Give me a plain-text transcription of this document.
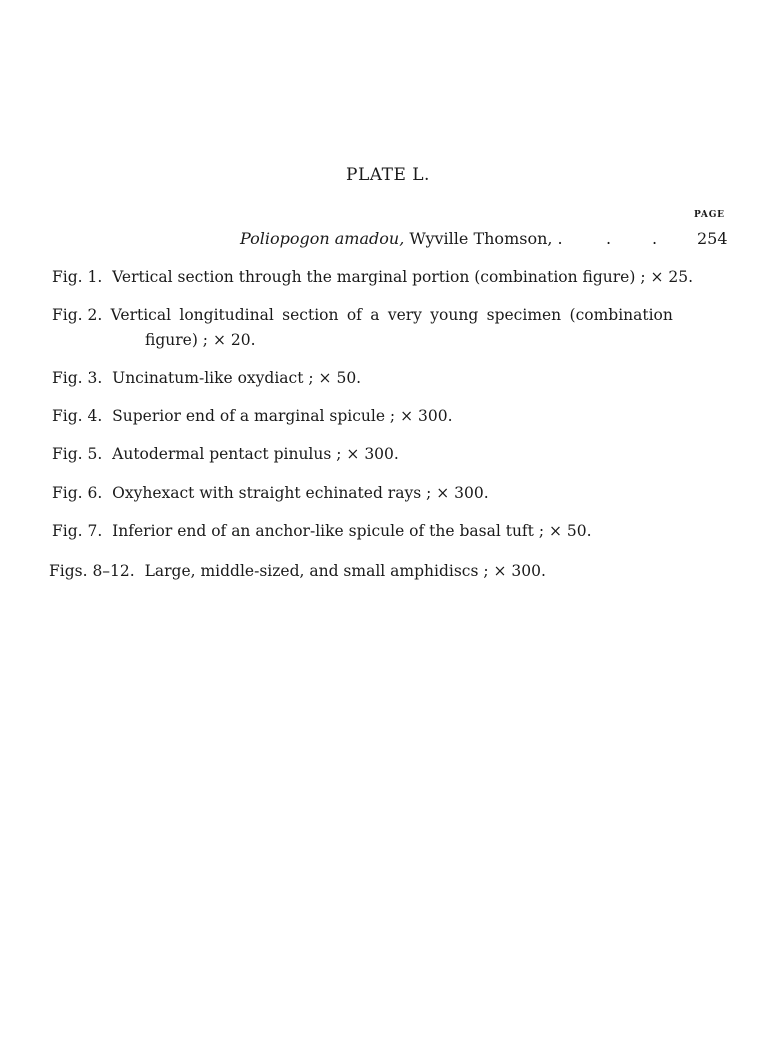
PLATE L.
PAGE
Poliopogon amadou, Wyville Thomson, .	.	. 254
Fig. 1. Vertical section through the marginal portion (combination figure) ; × 25.
Fig. 2. Vertical longitudinal section of a very young specimen (combination
figure) ; × 20.
Fig. 3. Uncinatum-like oxydiact ; × 50.
Fig. 4. Superior end of a marginal spicule ; × 300.
Fig. 5. Autodermal pentact pinulus ; × 300.
Fig. 6. Oxyhexact with straight echinated rays ; × 300.
Fig. 7. Inferior end of an anchor-like spicule of the basal tuft ; × 50.
Figs. 8–12. Large, middle-sized, and small amphidiscs ; × 300.
